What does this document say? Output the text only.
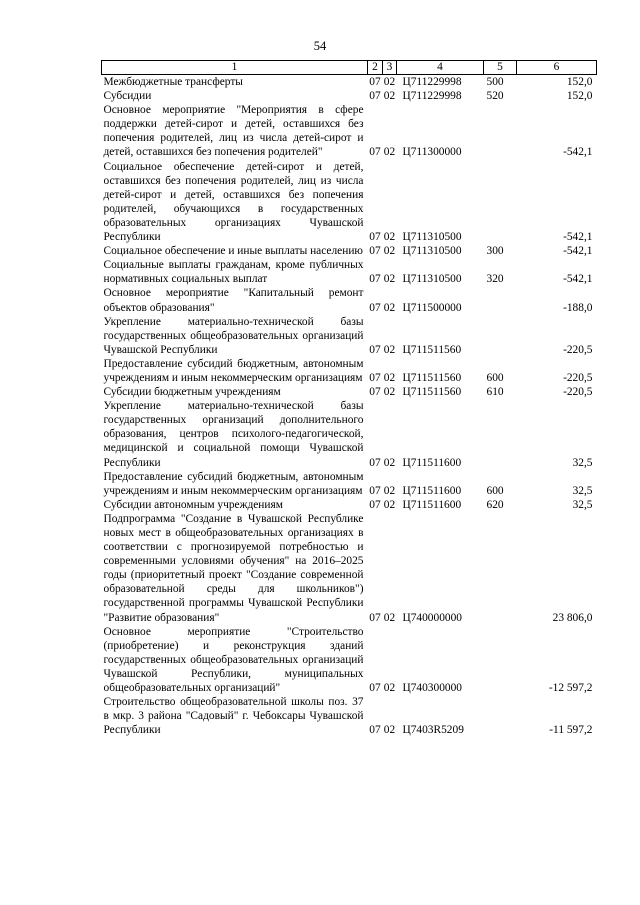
54
1	2	3	4	5	6
Межбюджетные трансферты	07	02	Ц711229998	500	152,0
Субсидии	07	02	Ц711229998	520	152,0
Основное мероприятие "Мероприятия в сфере поддержки детей-сирот и детей, оставшихся без попечения родителей, лиц из числа детей-сирот и детей, оставшихся без попечения родителей"	07	02	Ц711300000		-542,1
Социальное обеспечение детей-сирот и детей, оставшихся без попечения родителей, лиц из числа детей-сирот и детей, оставшихся без попечения родителей, обучающихся в государственных образовательных организациях Чувашской Республики	07	02	Ц711310500		-542,1
Социальное обеспечение и иные выплаты населению	07	02	Ц711310500	300	-542,1
Социальные выплаты гражданам, кроме публичных нормативных социальных выплат	07	02	Ц711310500	320	-542,1
Основное мероприятие "Капитальный ремонт объектов образования"	07	02	Ц711500000		-188,0
Укрепление материально-технической базы государственных общеобразовательных организаций Чувашской Республики	07	02	Ц711511560		-220,5
Предоставление субсидий бюджетным, автономным учреждениям и иным некоммерческим организациям	07	02	Ц711511560	600	-220,5
Субсидии бюджетным учреждениям	07	02	Ц711511560	610	-220,5
Укрепление материально-технической базы государственных организаций дополнительного образования, центров психолого-педагогической, медицинской и социальной помощи Чувашской Республики	07	02	Ц711511600		32,5
Предоставление субсидий бюджетным, автономным учреждениям и иным некоммерческим организациям	07	02	Ц711511600	600	32,5
Субсидии автономным учреждениям	07	02	Ц711511600	620	32,5
Подпрограмма "Создание в Чувашской Республике новых мест в общеобразовательных организациях в соответствии с прогнозируемой потребностью и современными условиями обучения" на 2016–2025 годы (приоритетный проект "Создание современной образовательной среды для школьников") государственной программы Чувашской Республики "Развитие образования"	07	02	Ц740000000		23 806,0
Основное мероприятие "Строительство (приобретение) и реконструкция зданий государственных общеобразовательных организаций Чувашской Республики, муниципальных общеобразовательных организаций"	07	02	Ц740300000		-12 597,2
Строительство общеобразовательной школы поз. 37 в мкр. 3 района "Садовый" г. Чебоксары Чувашской Республики	07	02	Ц7403R5209		-11 597,2
